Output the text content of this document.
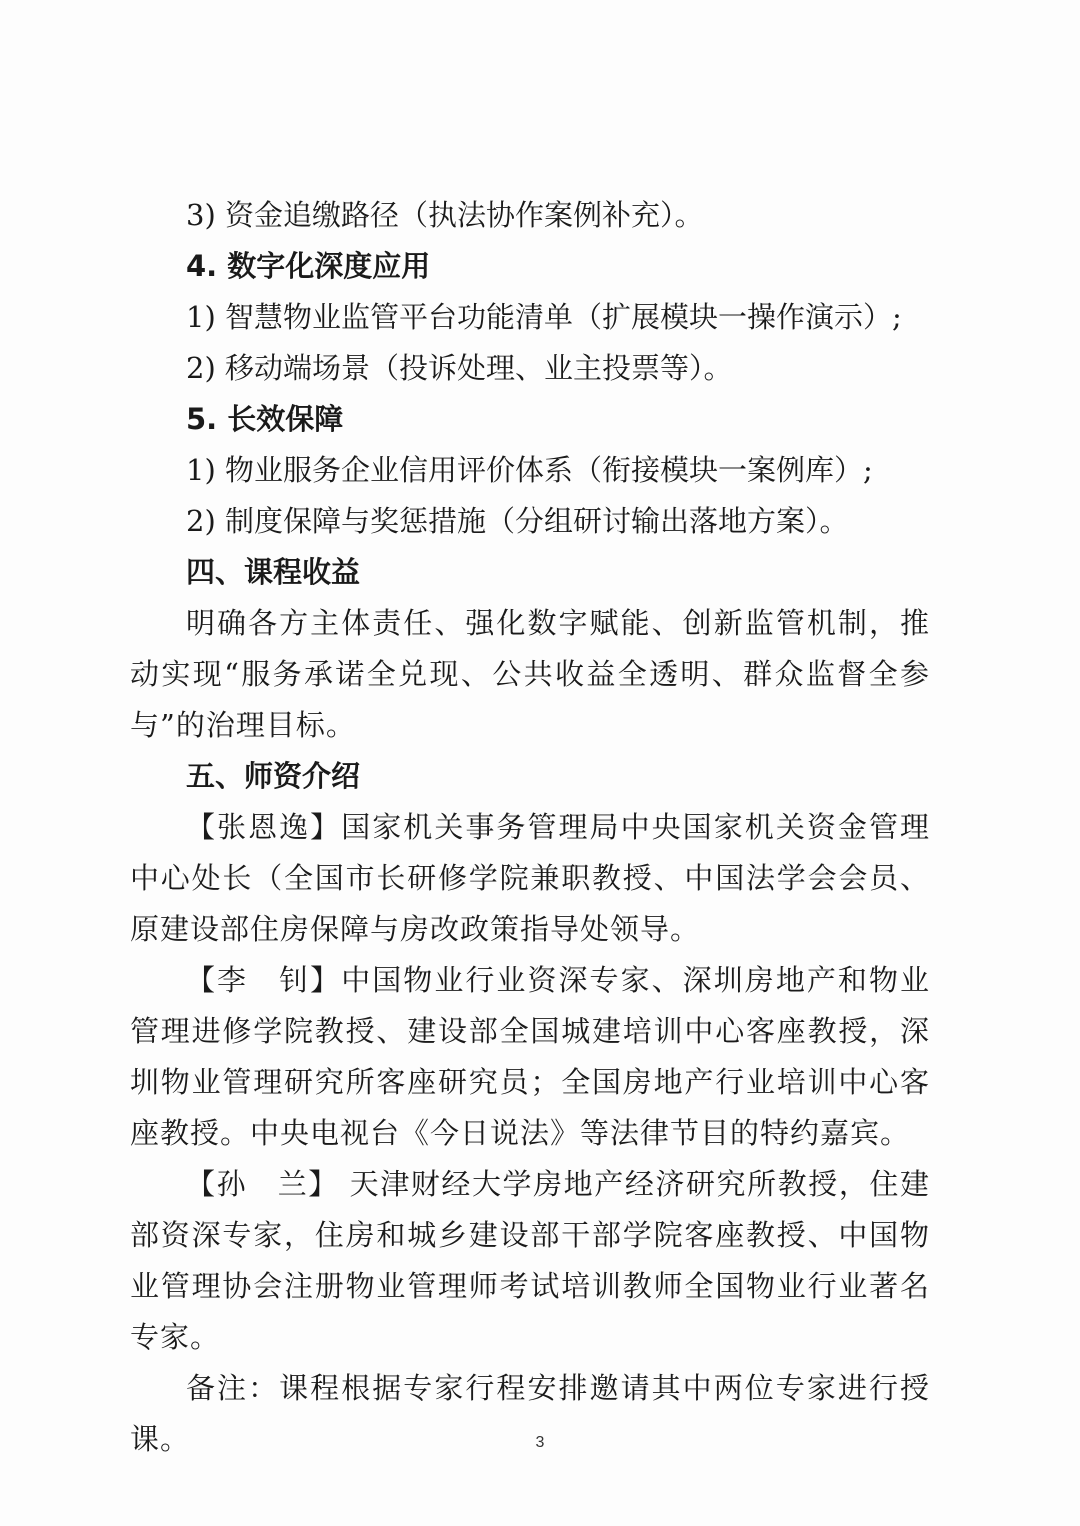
3) 资金追缴路径（执法协作案例补充）。

4. 数字化深度应用

1) 智慧物业监管平台功能清单（扩展模块一操作演示）;

2) 移动端场景（投诉处理、业主投票等）。

5. 长效保障

1) 物业服务企业信用评价体系（衔接模块一案例库）;

2) 制度保障与奖惩措施（分组研讨输出落地方案）。

四、课程收益

明确各方主体责任、强化数字赋能、创新监管机制，推动实现“服务承诺全兑现、公共收益全透明、群众监督全参与”的治理目标。

五、师资介绍

【张恩逸】国家机关事务管理局中央国家机关资金管理中心处长（全国市长研修学院兼职教授、中国法学会会员、原建设部住房保障与房改政策指导处领导。

【李　钊】中国物业行业资深专家、深圳房地产和物业管理进修学院教授、建设部全国城建培训中心客座教授，深圳物业管理研究所客座研究员；全国房地产行业培训中心客座教授。中央电视台《今日说法》等法律节目的特约嘉宾。

【孙　兰】 天津财经大学房地产经济研究所教授，住建部资深专家，住房和城乡建设部干部学院客座教授、中国物业管理协会注册物业管理师考试培训教师全国物业行业著名专家。

备注：课程根据专家行程安排邀请其中两位专家进行授课。	3
